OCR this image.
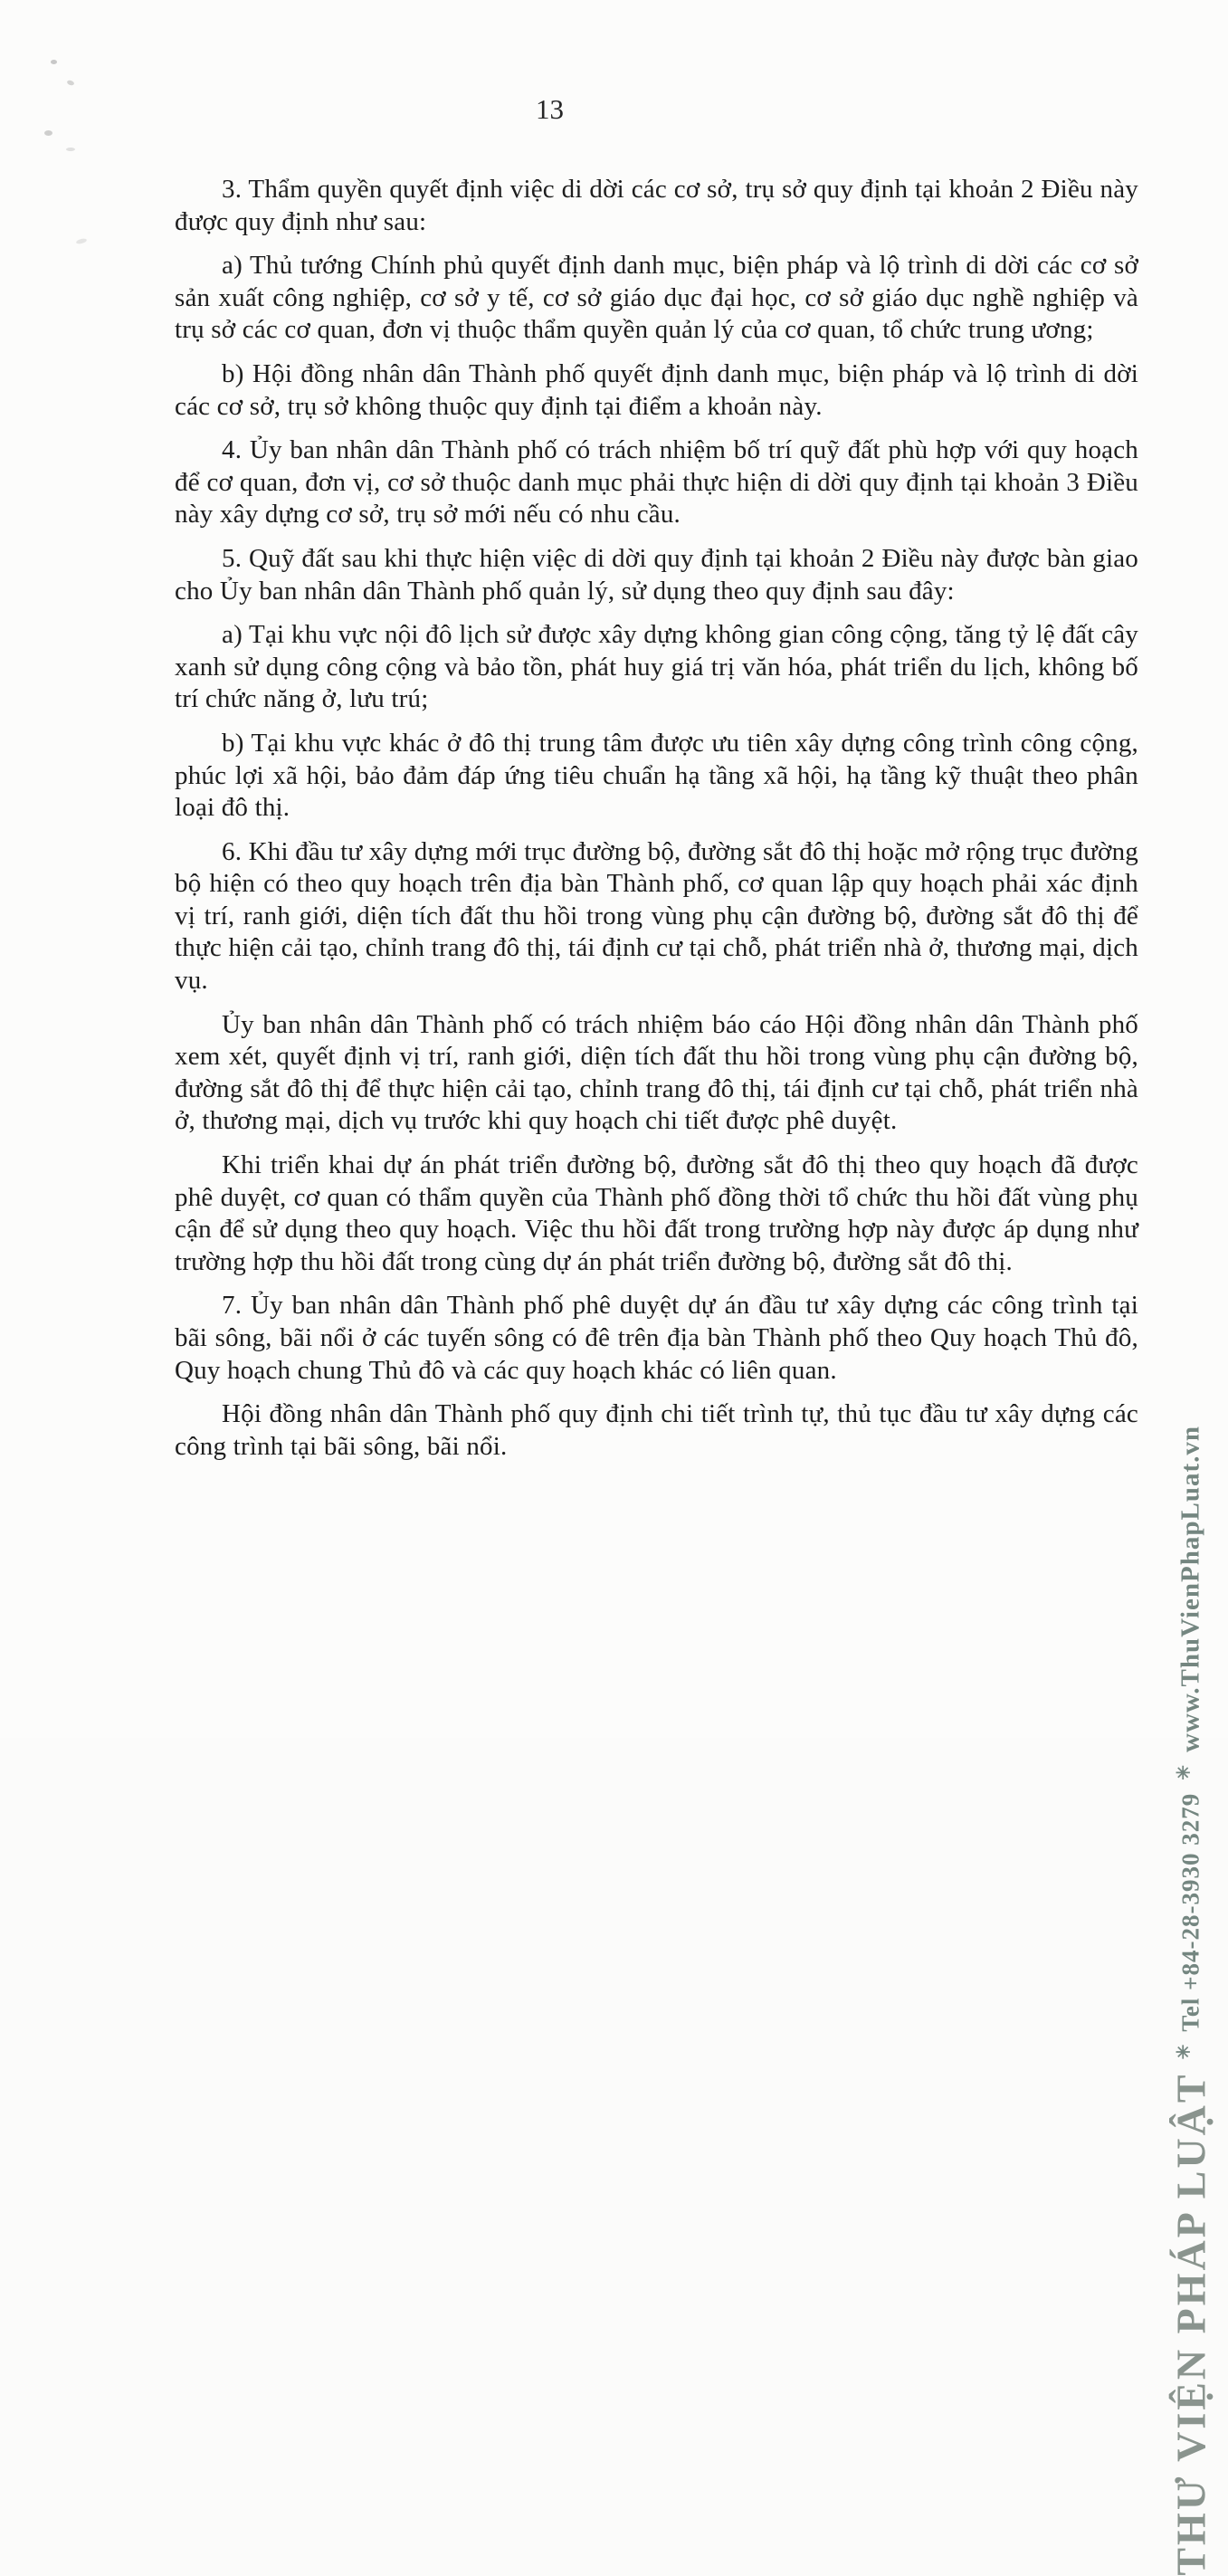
13

3. Thẩm quyền quyết định việc di dời các cơ sở, trụ sở quy định tại khoản 2 Điều này được quy định như sau:

a) Thủ tướng Chính phủ quyết định danh mục, biện pháp và lộ trình di dời các cơ sở sản xuất công nghiệp, cơ sở y tế, cơ sở giáo dục đại học, cơ sở giáo dục nghề nghiệp và trụ sở các cơ quan, đơn vị thuộc thẩm quyền quản lý của cơ quan, tổ chức trung ương;

b) Hội đồng nhân dân Thành phố quyết định danh mục, biện pháp và lộ trình di dời các cơ sở, trụ sở không thuộc quy định tại điểm a khoản này.

4. Ủy ban nhân dân Thành phố có trách nhiệm bố trí quỹ đất phù hợp với quy hoạch để cơ quan, đơn vị, cơ sở thuộc danh mục phải thực hiện di dời quy định tại khoản 3 Điều này xây dựng cơ sở, trụ sở mới nếu có nhu cầu.

5. Quỹ đất sau khi thực hiện việc di dời quy định tại khoản 2 Điều này được bàn giao cho Ủy ban nhân dân Thành phố quản lý, sử dụng theo quy định sau đây:

a) Tại khu vực nội đô lịch sử được xây dựng không gian công cộng, tăng tỷ lệ đất cây xanh sử dụng công cộng và bảo tồn, phát huy giá trị văn hóa, phát triển du lịch, không bố trí chức năng ở, lưu trú;

b) Tại khu vực khác ở đô thị trung tâm được ưu tiên xây dựng công trình công cộng, phúc lợi xã hội, bảo đảm đáp ứng tiêu chuẩn hạ tầng xã hội, hạ tầng kỹ thuật theo phân loại đô thị.

6. Khi đầu tư xây dựng mới trục đường bộ, đường sắt đô thị hoặc mở rộng trục đường bộ hiện có theo quy hoạch trên địa bàn Thành phố, cơ quan lập quy hoạch phải xác định vị trí, ranh giới, diện tích đất thu hồi trong vùng phụ cận đường bộ, đường sắt đô thị để thực hiện cải tạo, chỉnh trang đô thị, tái định cư tại chỗ, phát triển nhà ở, thương mại, dịch vụ.

Ủy ban nhân dân Thành phố có trách nhiệm báo cáo Hội đồng nhân dân Thành phố xem xét, quyết định vị trí, ranh giới, diện tích đất thu hồi trong vùng phụ cận đường bộ, đường sắt đô thị để thực hiện cải tạo, chỉnh trang đô thị, tái định cư tại chỗ, phát triển nhà ở, thương mại, dịch vụ trước khi quy hoạch chi tiết được phê duyệt.

Khi triển khai dự án phát triển đường bộ, đường sắt đô thị theo quy hoạch đã được phê duyệt, cơ quan có thẩm quyền của Thành phố đồng thời tổ chức thu hồi đất vùng phụ cận để sử dụng theo quy hoạch. Việc thu hồi đất trong trường hợp này được áp dụng như trường hợp thu hồi đất trong cùng dự án phát triển đường bộ, đường sắt đô thị.

7. Ủy ban nhân dân Thành phố phê duyệt dự án đầu tư xây dựng các công trình tại bãi sông, bãi nổi ở các tuyến sông có đê trên địa bàn Thành phố theo Quy hoạch Thủ đô, Quy hoạch chung Thủ đô và các quy hoạch khác có liên quan.

Hội đồng nhân dân Thành phố quy định chi tiết trình tự, thủ tục đầu tư xây dựng các công trình tại bãi sông, bãi nổi.

THƯ VIỆN PHÁP LUẬT
✳
Tel +84-28-3930 3279
✳
www.ThuVienPhapLuat.vn
